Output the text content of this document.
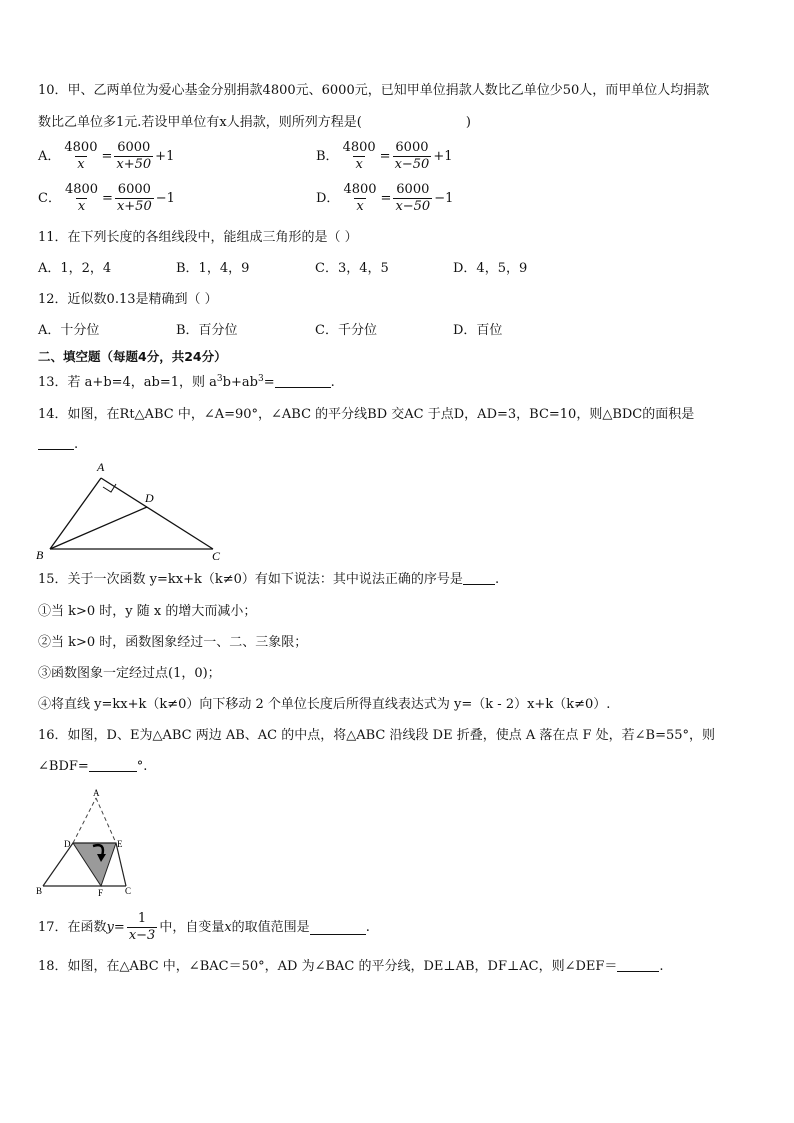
10．甲、乙两单位为爱心基金分别捐款4800元、6000元，已知甲单位捐款人数比乙单位少50人，而甲单位人均捐款
数比乙单位多1元.若设甲单位有x人捐款，则所列方程是(	)
A． $\frac{4800}{x} = \frac{6000}{x+50} +1$	B． $\frac{4800}{x} = \frac{6000}{x-50} +1$
C． $\frac{4800}{x} = \frac{6000}{x+50} -1$	D． $\frac{4800}{x} = \frac{6000}{x-50} -1$
11．在下列长度的各组线段中，能组成三角形的是（ ）
A．1，2，4	B．1，4，9	C．3，4，5	D．4，5，9
12．近似数0.13是精确到（ ）
A．十分位	B．百分位	C．千分位	D．百位
二、填空题（每题4分，共24分）
13．若 a+b=4，ab=1，则 $a^3b+ab^3=$	.
14．如图，在Rt△ABC 中，∠A=90°，∠ABC 的平分线BD 交AC 于点D，AD=3，BC=10，则△BDC的面积是
.
A
D
B	C
15．关于一次函数 y=kx+k（k≠0）有如下说法：其中说法正确的序号是 .
①当 k>0 时，y 随 x 的增大而减小；
②当 k>0 时，函数图象经过一、二、三象限；
③函数图象一定经过点(1，0)；
④将直线 y=kx+k（k≠0）向下移动 2 个单位长度后所得直线表达式为 y=（k - 2）x+k（k≠0）.
16．如图，D、E为△ABC 两边 AB、AC 的中点，将△ABC 沿线段 DE 折叠，使点 A 落在点 F 处，若∠B=55°，则
∠BDF=	°.
A
D	E
B	F C
17．在函数 $y = \frac{1}{x-3}$ 中，自变量 x 的取值范围是	.
18．如图，在△ABC 中，∠BAC＝50°，AD 为∠BAC 的平分线，DE⊥AB，DF⊥AC，则∠DEF＝	.
